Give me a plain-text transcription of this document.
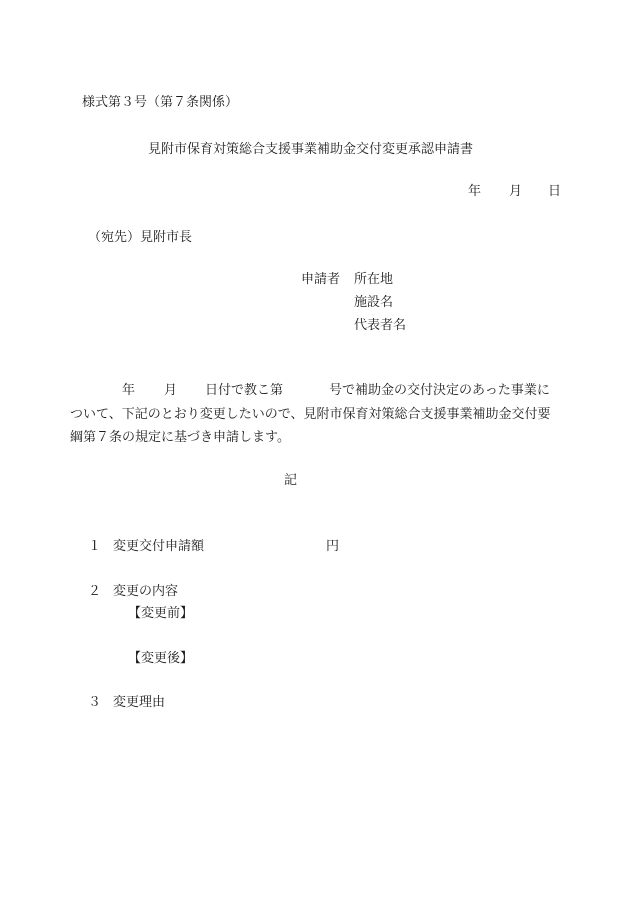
様式第３号（第７条関係）
見附市保育対策総合支援事業補助金交付変更承認申請書
年 月 日
（宛先）見附市長
申請者 所在地
施設名
代表者名
年 月 日付で教こ第	号で補助金の交付決定のあった事業に
ついて、下記のとおり変更したいので、見附市保育対策総合支援事業補助金交付要
綱第７条の規定に基づき申請します。
記
１ 変更交付申請額	円
２ 変更の内容
【変更前】
【変更後】
３ 変更理由
